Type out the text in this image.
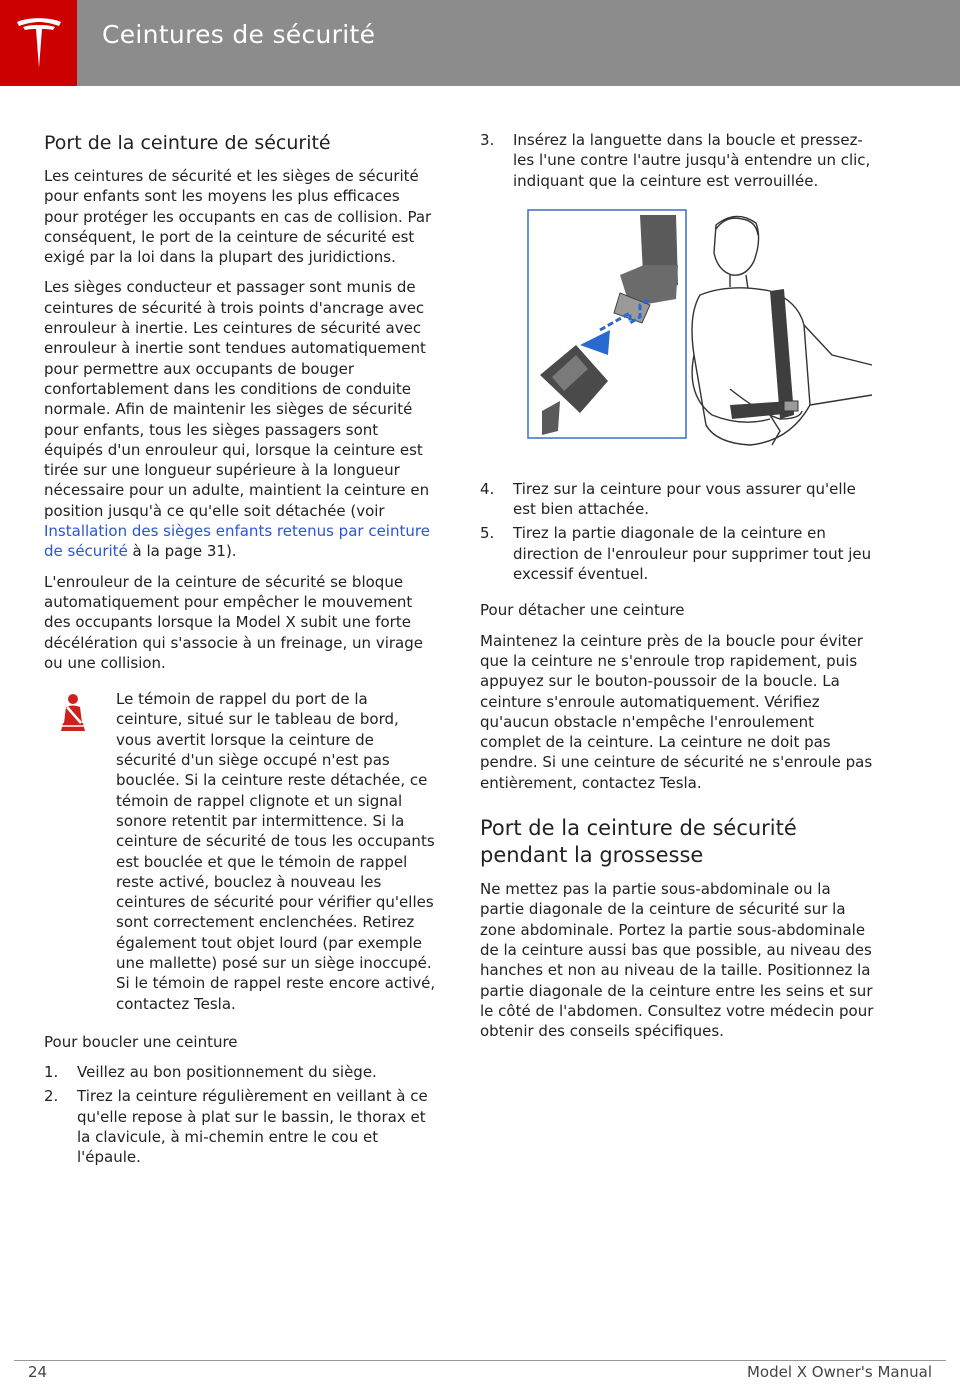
Ceintures de sécurité
Port de la ceinture de sécurité

Les ceintures de sécurité et les sièges de sécurité pour enfants sont les moyens les plus efficaces pour protéger les occupants en cas de collision. Par conséquent, le port de la ceinture de sécurité est exigé par la loi dans la plupart des juridictions.

Les sièges conducteur et passager sont munis de ceintures de sécurité à trois points d'ancrage avec enrouleur à inertie. Les ceintures de sécurité avec enrouleur à inertie sont tendues automatiquement pour permettre aux occupants de bouger confortablement dans les conditions de conduite normale. Afin de maintenir les sièges de sécurité pour enfants, tous les sièges passagers sont équipés d'un enrouleur qui, lorsque la ceinture est tirée sur une longueur supérieure à la longueur nécessaire pour un adulte, maintient la ceinture en position jusqu'à ce qu'elle soit détachée (voir Installation des sièges enfants retenus par ceinture de sécurité à la page 31).

L'enrouleur de la ceinture de sécurité se bloque automatiquement pour empêcher le mouvement des occupants lorsque la Model X subit une forte décélération qui s'associe à un freinage, un virage ou une collision.

Le témoin de rappel du port de la ceinture, situé sur le tableau de bord, vous avertit lorsque la ceinture de sécurité d'un siège occupé n'est pas bouclée. Si la ceinture reste détachée, ce témoin de rappel clignote et un signal sonore retentit par intermittence. Si la ceinture de sécurité de tous les occupants est bouclée et que le témoin de rappel reste activé, bouclez à nouveau les ceintures de sécurité pour vérifier qu'elles sont correctement enclenchées. Retirez également tout objet lourd (par exemple une mallette) posé sur un siège inoccupé. Si le témoin de rappel reste encore activé, contactez Tesla.

Pour boucler une ceinture
1. Veillez au bon positionnement du siège.
2. Tirez la ceinture régulièrement en veillant à ce qu'elle repose à plat sur le bassin, le thorax et la clavicule, à mi-chemin entre le cou et l'épaule.
3. Insérez la languette dans la boucle et pressez-les l'une contre l'autre jusqu'à entendre un clic, indiquant que la ceinture est verrouillée.
4. Tirez sur la ceinture pour vous assurer qu'elle est bien attachée.
5. Tirez la partie diagonale de la ceinture en direction de l'enrouleur pour supprimer tout jeu excessif éventuel.
Pour détacher une ceinture

Maintenez la ceinture près de la boucle pour éviter que la ceinture ne s'enroule trop rapidement, puis appuyez sur le bouton-poussoir de la boucle. La ceinture s'enroule automatiquement. Vérifiez qu'aucun obstacle n'empêche l'enroulement complet de la ceinture. La ceinture ne doit pas pendre. Si une ceinture de sécurité ne s'enroule pas entièrement, contactez Tesla.

Port de la ceinture de sécurité pendant la grossesse

Ne mettez pas la partie sous-abdominale ou la partie diagonale de la ceinture de sécurité sur la zone abdominale. Portez la partie sous-abdominale de la ceinture aussi bas que possible, au niveau des hanches et non au niveau de la taille. Positionnez la partie diagonale de la ceinture entre les seins et sur le côté de l'abdomen. Consultez votre médecin pour obtenir des conseils spécifiques.

24	Model X Owner's Manual
